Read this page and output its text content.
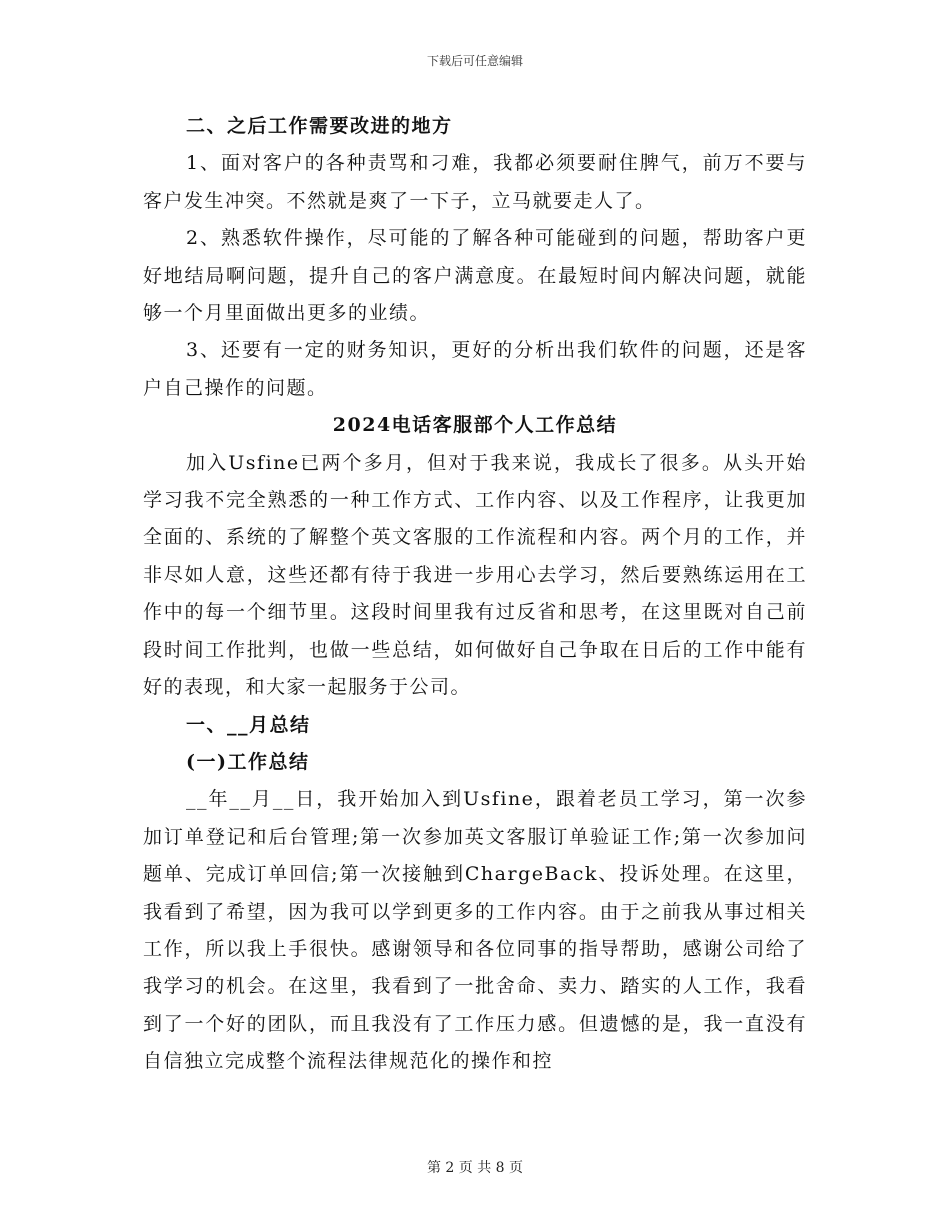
下载后可任意编辑

二、之后工作需要改进的地方

1、面对客户的各种责骂和刁难，我都必须要耐住脾气，前万不要与客户发生冲突。不然就是爽了一下子，立马就要走人了。

2、熟悉软件操作，尽可能的了解各种可能碰到的问题，帮助客户更好地结局啊问题，提升自己的客户满意度。在最短时间内解决问题，就能够一个月里面做出更多的业绩。

3、还要有一定的财务知识，更好的分析出我们软件的问题，还是客户自己操作的问题。

2024电话客服部个人工作总结

加入Usfine已两个多月，但对于我来说，我成长了很多。从头开始学习我不完全熟悉的一种工作方式、工作内容、以及工作程序，让我更加全面的、系统的了解整个英文客服的工作流程和内容。两个月的工作，并非尽如人意，这些还都有待于我进一步用心去学习，然后要熟练运用在工作中的每一个细节里。这段时间里我有过反省和思考，在这里既对自己前段时间工作批判，也做一些总结，如何做好自己争取在日后的工作中能有好的表现，和大家一起服务于公司。

一、__月总结

(一)工作总结

__年__月__日，我开始加入到Usfine，跟着老员工学习，第一次参加订单登记和后台管理;第一次参加英文客服订单验证工作;第一次参加问题单、完成订单回信;第一次接触到ChargeBack、投诉处理。在这里，我看到了希望，因为我可以学到更多的工作内容。由于之前我从事过相关工作，所以我上手很快。感谢领导和各位同事的指导帮助，感谢公司给了我学习的机会。在这里，我看到了一批舍命、卖力、踏实的人工作，我看到了一个好的团队，而且我没有了工作压力感。但遗憾的是，我一直没有自信独立完成整个流程法律规范化的操作和控

第 2 页 共 8 页
